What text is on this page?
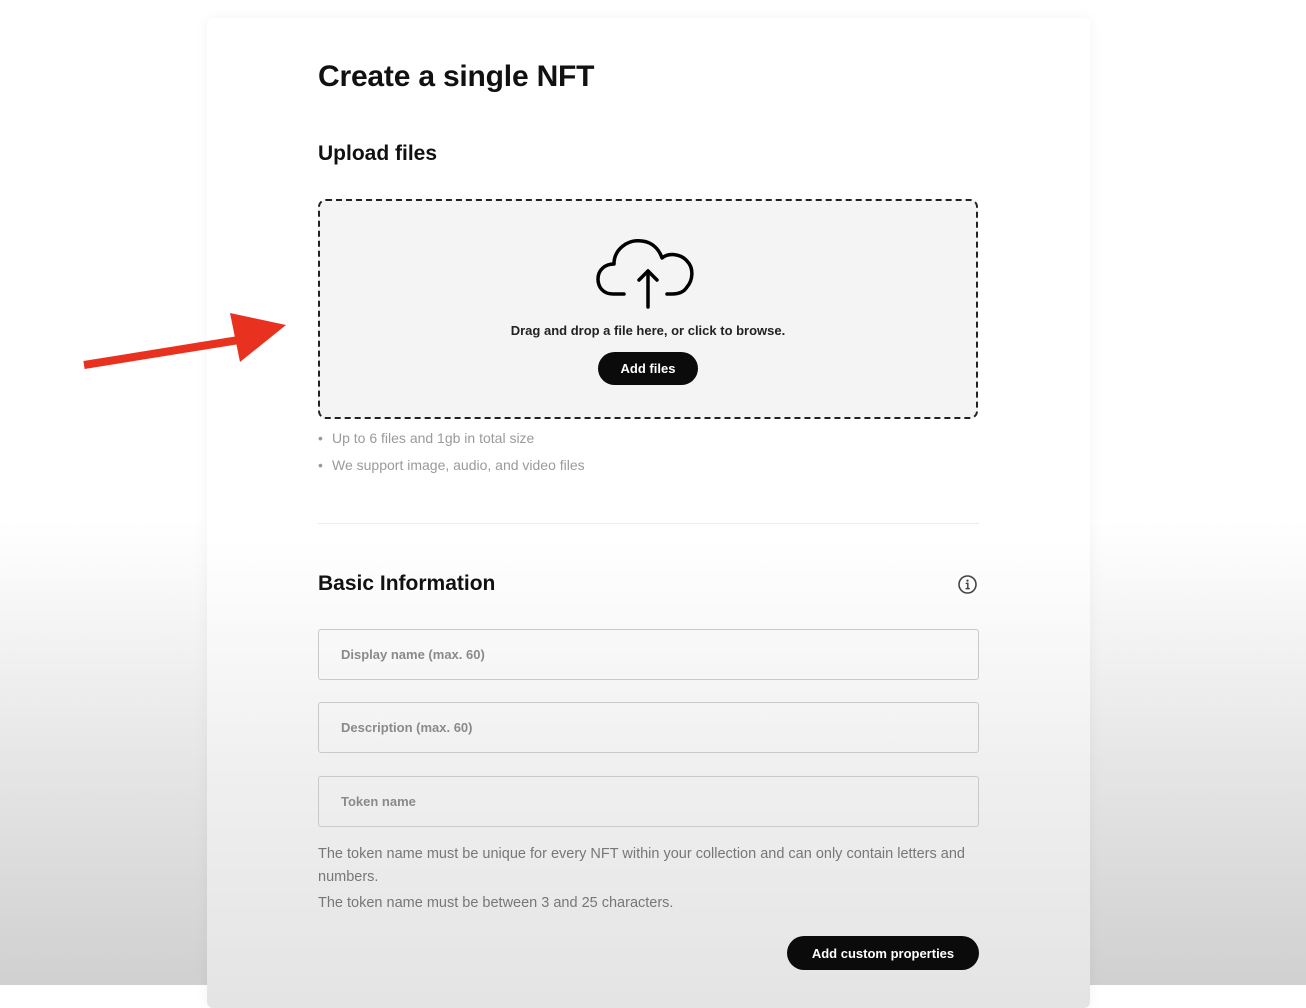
Create a single NFT
Upload files
Drag and drop a file here, or click to browse.
Add files
• Up to 6 files and 1gb in total size
• We support image, audio, and video files
Basic Information
Display name (max. 60)
Description (max. 60)
Token name

The token name must be unique for every NFT within your collection and can only contain letters and numbers.

The token name must be between 3 and 25 characters.

Add custom properties
